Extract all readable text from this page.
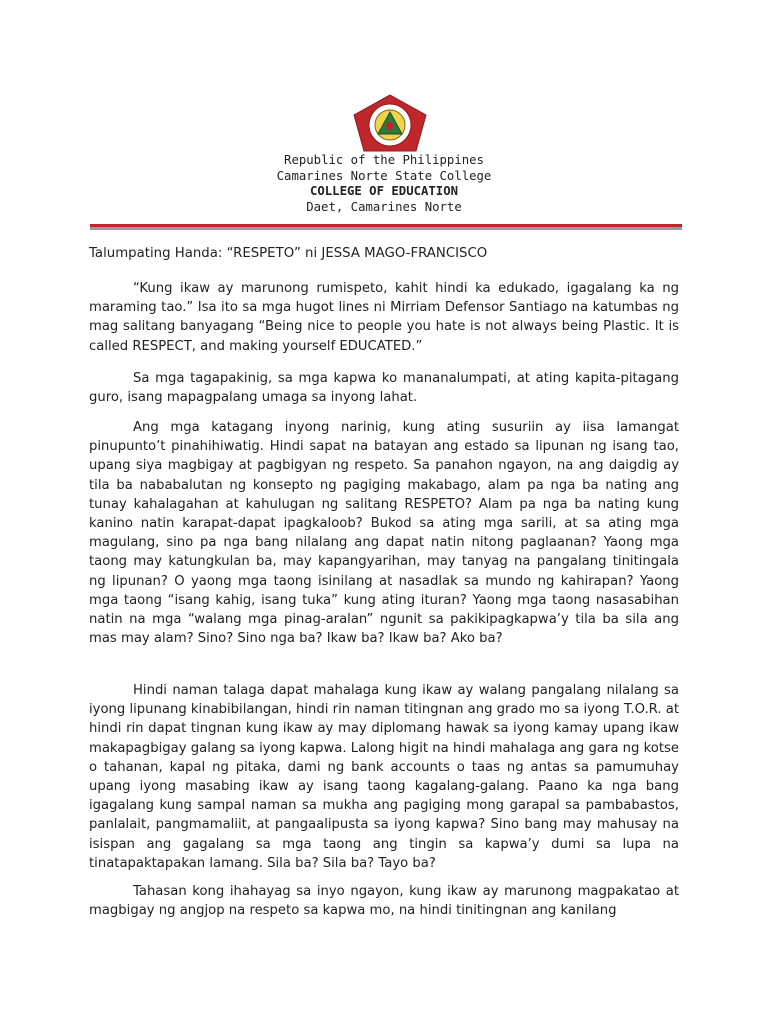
Republic of the Philippines
Camarines Norte State College
COLLEGE OF EDUCATION
Daet, Camarines Norte
Talumpating Handa: “RESPETO” ni JESSA MAGO-FRANCISCO
“Kung ikaw ay marunong rumispeto, kahit hindi ka edukado, igagalang ka ng maraming tao.” Isa ito sa mga hugot lines ni Mirriam Defensor Santiago na katumbas ng mag salitang banyagang “Being nice to people you hate is not always being Plastic. It is called RESPECT, and making yourself EDUCATED.”
Sa mga tagapakinig, sa mga kapwa ko mananalumpati, at ating kapita-pitagang guro, isang mapagpalang umaga sa inyong lahat.
Ang mga katagang inyong narinig, kung ating susuriin ay iisa lamangat pinupunto’t pinahihiwatig. Hindi sapat na batayan ang estado sa lipunan ng isang tao, upang siya magbigay at pagbigyan ng respeto. Sa panahon ngayon, na ang daigdig ay tila ba nababalutan ng konsepto ng pagiging makabago, alam pa nga ba nating ang tunay kahalagahan at kahulugan ng salitang RESPETO? Alam pa nga ba nating kung kanino natin karapat-dapat ipagkaloob? Bukod sa ating mga sarili, at sa ating mga magulang, sino pa nga bang nilalang ang dapat natin nitong paglaanan? Yaong mga taong may katungkulan ba, may kapangyarihan, may tanyag na pangalang tinitingala ng lipunan? O yaong mga taong isinilang at nasadlak sa mundo ng kahirapan? Yaong mga taong “isang kahig, isang tuka” kung ating ituran? Yaong mga taong nasasabihan natin na mga “walang mga pinag-aralan” ngunit sa pakikipagkapwa’y tila ba sila ang mas may alam? Sino? Sino nga ba? Ikaw ba? Ikaw ba? Ako ba?
Hindi naman talaga dapat mahalaga kung ikaw ay walang pangalang nilalang sa iyong lipunang kinabibilangan, hindi rin naman titingnan ang grado mo sa iyong T.O.R. at hindi rin dapat tingnan kung ikaw ay may diplomang hawak sa iyong kamay upang ikaw makapagbigay galang sa iyong kapwa. Lalong higit na hindi mahalaga ang gara ng kotse o tahanan, kapal ng pitaka, dami ng bank accounts o taas ng antas sa pamumuhay upang iyong masabing ikaw ay isang taong kagalang-galang. Paano ka nga bang igagalang kung sampal naman sa mukha ang pagiging mong garapal sa pambabastos, panlalait, pangmamaliit, at pangaalipusta sa iyong kapwa? Sino bang may mahusay na isispan ang gagalang sa mga taong ang tingin sa kapwa’y dumi sa lupa na tinatapaktapakan lamang. Sila ba? Sila ba? Tayo ba?
Tahasan kong ihahayag sa inyo ngayon, kung ikaw ay marunong magpakatao at magbigay ng angjop na respeto sa kapwa mo, na hindi tinitingnan ang kanilang
